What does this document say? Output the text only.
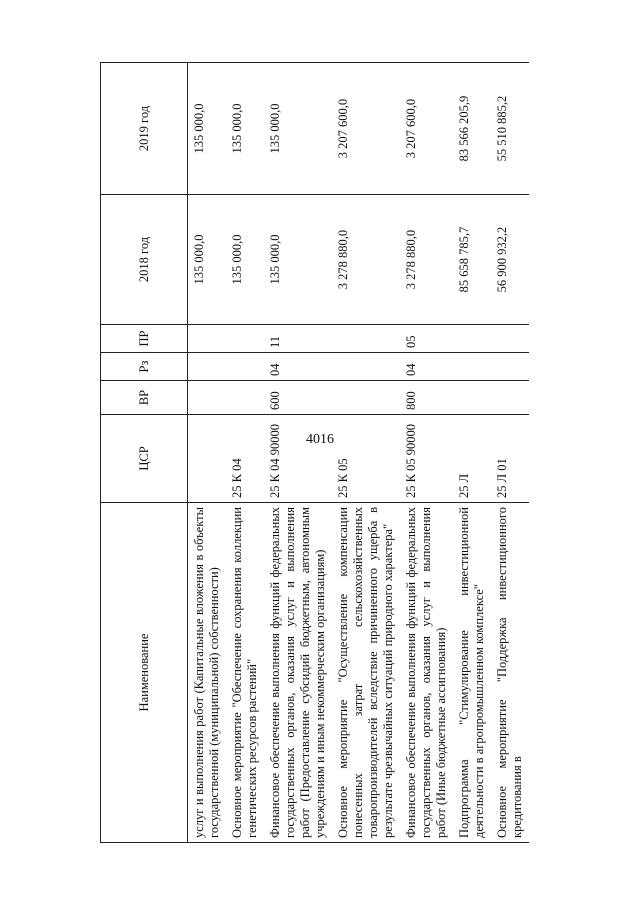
4016
Наименование	ЦСР	ВР	Рз	ПР	2018 год	2019 год
услуг и выполнения работ (Капитальные вложения в объекты государственной (муниципальной) собственности)					135 000,0	135 000,0
Основное мероприятие "Обеспечение сохранения коллекции генетических ресурсов растений"	25 К 04				135 000,0	135 000,0
Финансовое обеспечение выполнения функций федеральных государственных органов, оказания услуг и выполнения работ (Предоставление субсидий бюджетным, автономным учреждениям и иным некоммерческим организациям)	25 К 04 90000	600	04	11	135 000,0	135 000,0
Основное мероприятие "Осуществление компенсации понесенных затрат сельскохозяйственных товаропроизводителей вследствие причиненного ущерба в результате чрезвычайных ситуаций природного характера"	25 К 05				3 278 880,0	3 207 600,0
Финансовое обеспечение выполнения функций федеральных государственных органов, оказания услуг и выполнения работ (Иные бюджетные ассигнования)	25 К 05 90000	800	04	05	3 278 880,0	3 207 600,0
Подпрограмма "Стимулирование инвестиционной деятельности в агропромышленном комплексе"	25 Л				85 658 785,7	83 566 205,9
Основное мероприятие "Поддержка инвестиционного кредитования в	25 Л 01				56 900 932,2	55 510 885,2
